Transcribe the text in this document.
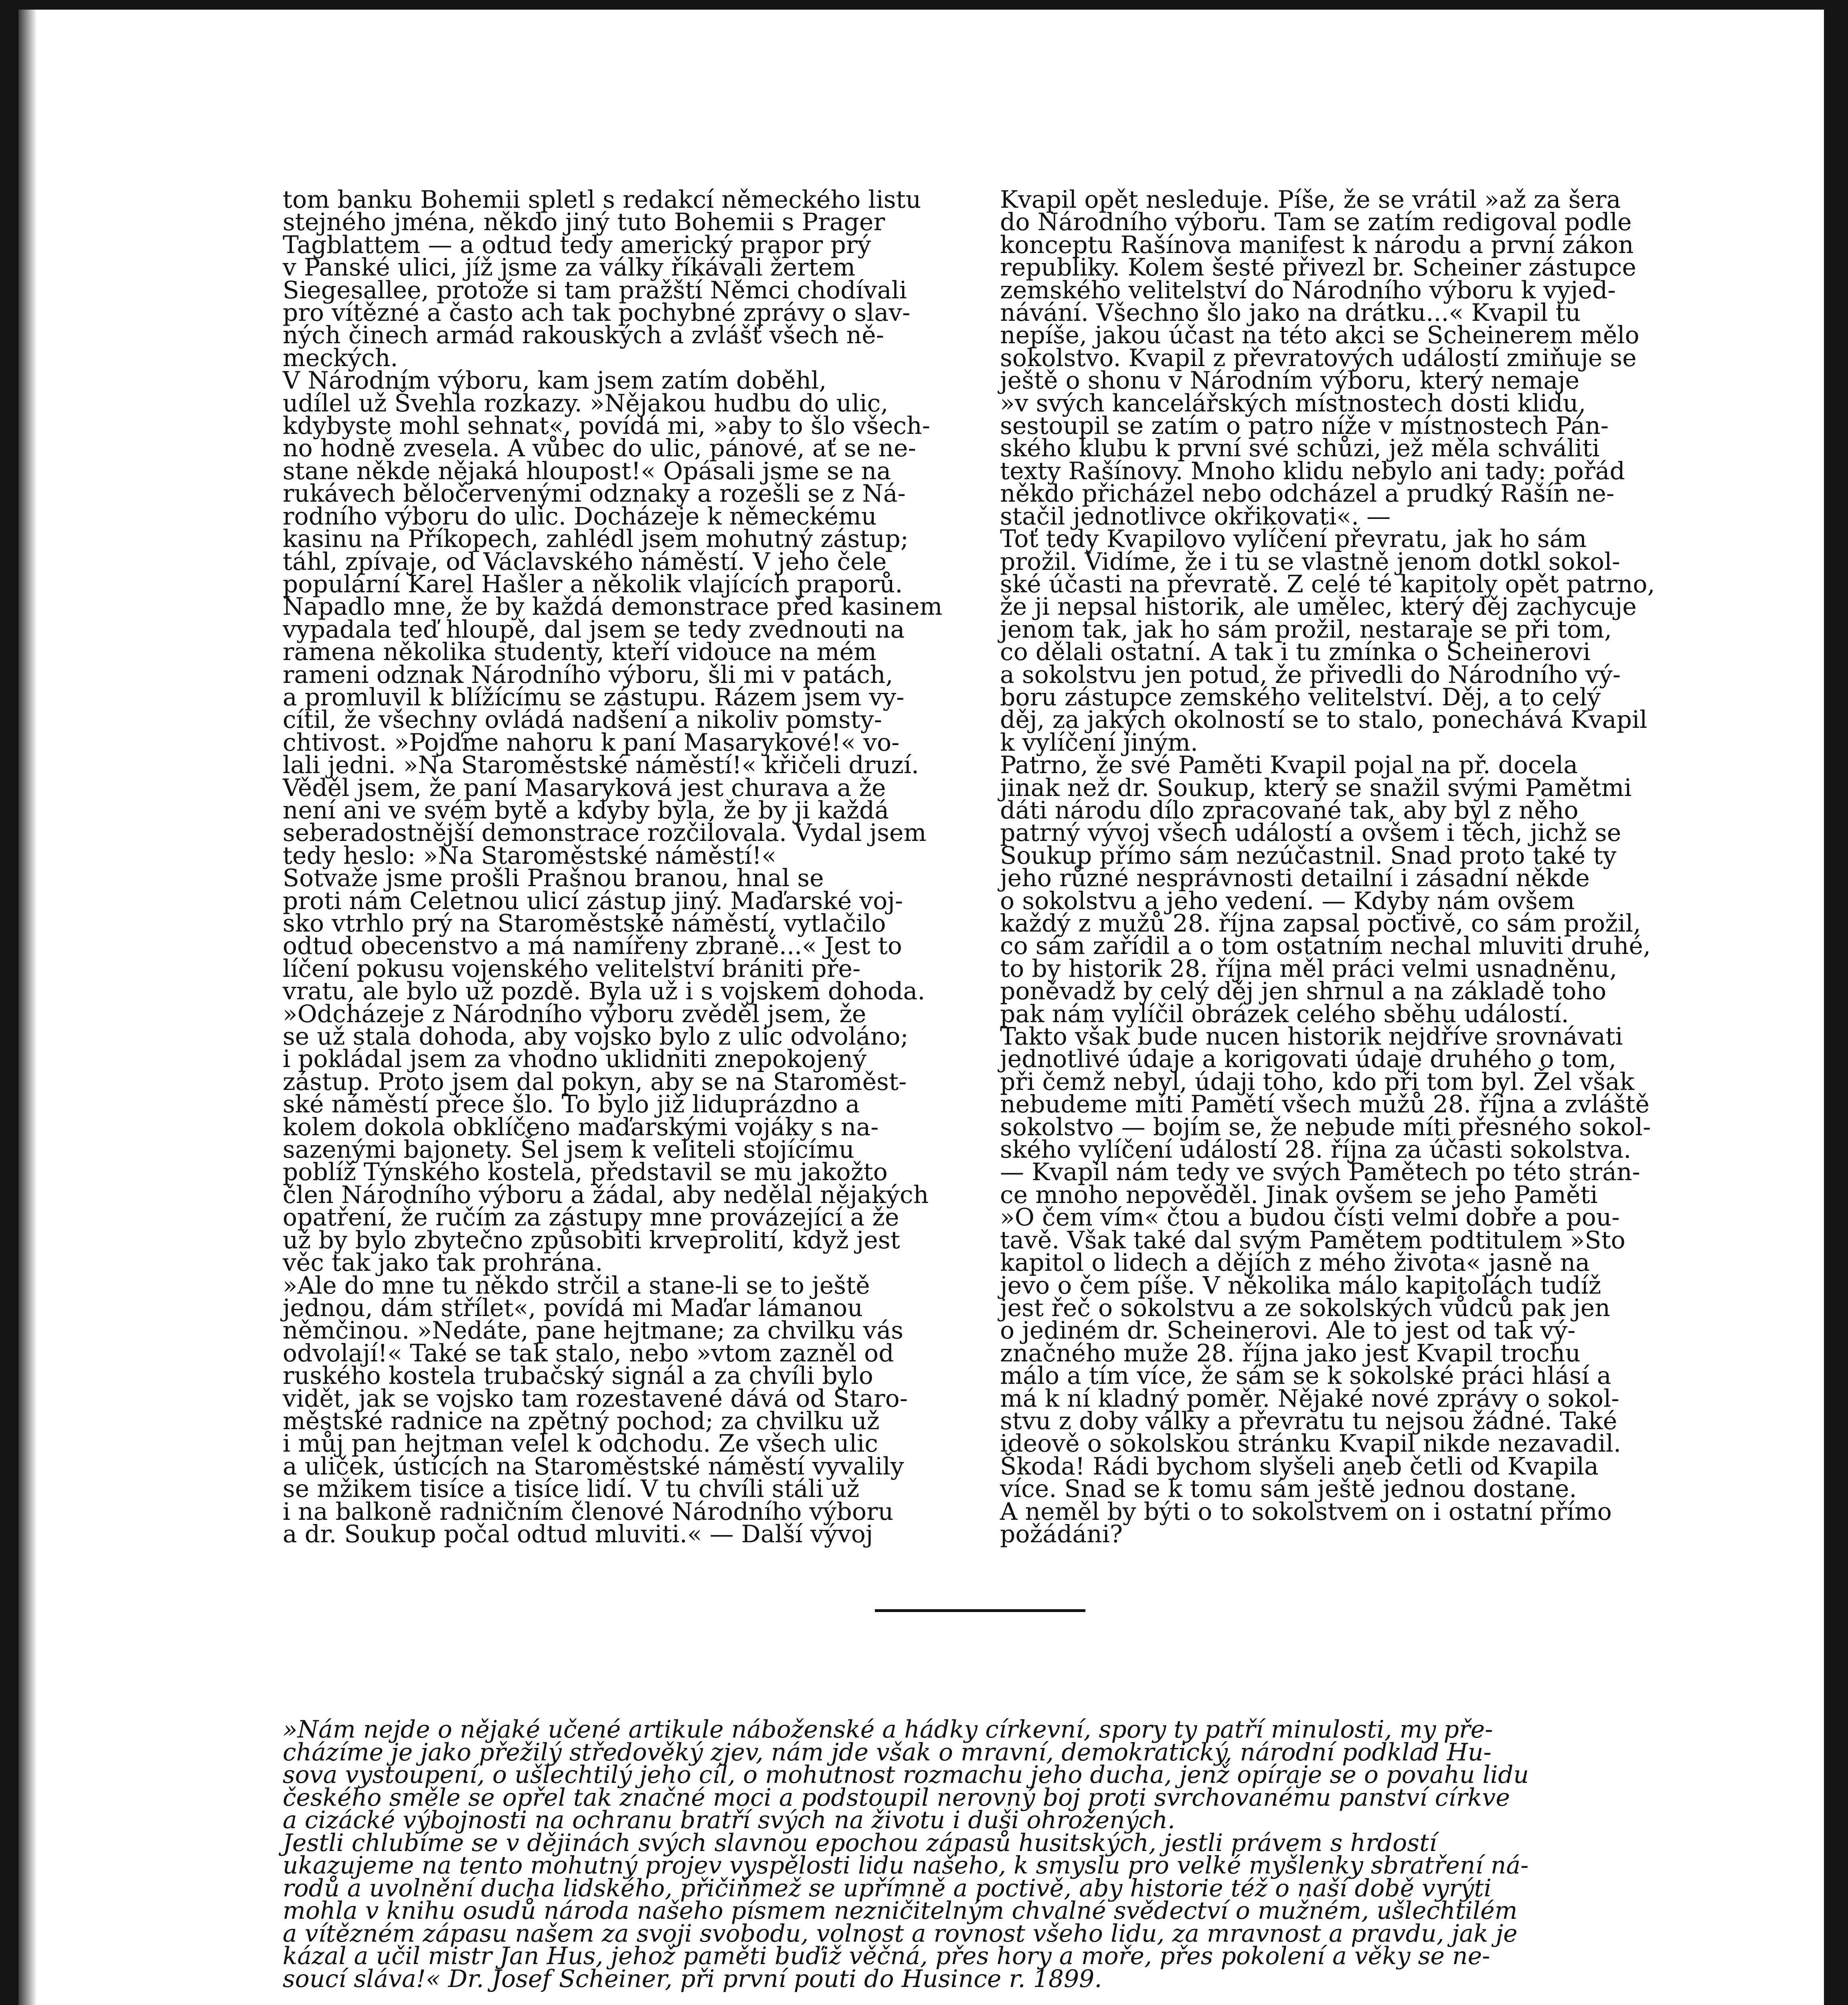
tom banku Bohemii spletl s redakcí německého listu
stejného jména, někdo jiný tuto Bohemii s Prager
Tagblattem — a odtud tedy americký prapor prý
v Panské ulici, jíž jsme za války říkávali žertem
Siegesallee, protože si tam pražští Němci chodívali
pro vítězné a často ach tak pochybné zprávy o slav-
ných činech armád rakouských a zvlášť všech ně-
meckých.
V Národním výboru, kam jsem zatím doběhl,
udílel už Švehla rozkazy. »Nějakou hudbu do ulic,
kdybyste mohl sehnat«, povídá mi, »aby to šlo všech-
no hodně zvesela. A vůbec do ulic, pánové, ať se ne-
stane někde nějaká hloupost!« Opásali jsme se na
rukávech běločervenými odznaky a rozešli se z Ná-
rodního výboru do ulic. Docházeje k německému
kasinu na Příkopech, zahlédl jsem mohutný zástup;
táhl, zpívaje, od Václavského náměstí. V jeho čele
populární Karel Hašler a několik vlajících praporů.
Napadlo mne, že by každá demonstrace před kasinem
vypadala teď hloupě, dal jsem se tedy zvednouti na
ramena několika studenty, kteří vidouce na mém
rameni odznak Národního výboru, šli mi v patách,
a promluvil k blížícímu se zástupu. Rázem jsem vy-
cítil, že všechny ovládá nadšení a nikoliv pomsty-
chtivost. »Pojďme nahoru k paní Masarykové!« vo-
lali jedni. »Na Staroměstské náměstí!« křičeli druzí.
Věděl jsem, že paní Masaryková jest churava a že
není ani ve svém bytě a kdyby byla, že by ji každá
seberadostnější demonstrace rozčilovala. Vydal jsem
tedy heslo: »Na Staroměstské náměstí!«
Sotvaže jsme prošli Prašnou branou, hnal se
proti nám Celetnou ulicí zástup jiný. Maďarské voj-
sko vtrhlo prý na Staroměstské náměstí, vytlačilo
odtud obecenstvo a má namířeny zbraně...« Jest to
líčení pokusu vojenského velitelství brániti pře-
vratu, ale bylo už pozdě. Byla už i s vojskem dohoda.
»Odcházeje z Národního výboru zvěděl jsem, že
se už stala dohoda, aby vojsko bylo z ulic odvoláno;
i pokládal jsem za vhodno uklidniti znepokojený
zástup. Proto jsem dal pokyn, aby se na Staroměst-
ské náměstí přece šlo. To bylo již liduprázdno a
kolem dokola obklíčeno maďarskými vojáky s na-
sazenými bajonety. Šel jsem k veliteli stojícímu
poblíž Týnského kostela, představil se mu jakožto
člen Národního výboru a žádal, aby nedělal nějakých
opatření, že ručím za zástupy mne provázející a že
už by bylo zbytečno způsobiti krveprolití, když jest
věc tak jako tak prohrána.
»Ale do mne tu někdo strčil a stane-li se to ještě
jednou, dám střílet«, povídá mi Maďar lámanou
němčinou. »Nedáte, pane hejtmane; za chvilku vás
odvolají!« Také se tak stalo, nebo »vtom zazněl od
ruského kostela trubačský signál a za chvíli bylo
vidět, jak se vojsko tam rozestavené dává od Staro-
městské radnice na zpětný pochod; za chvilku už
i můj pan hejtman velel k odchodu. Ze všech ulic
a uliček, ústících na Staroměstské náměstí vyvalily
se mžikem tisíce a tisíce lidí. V tu chvíli stáli už
i na balkoně radničním členové Národního výboru
a dr. Soukup počal odtud mluviti.« — Další vývoj
Kvapil opět nesleduje. Píše, že se vrátil »až za šera
do Národního výboru. Tam se zatím redigoval podle
konceptu Rašínova manifest k národu a první zákon
republiky. Kolem šesté přivezl br. Scheiner zástupce
zemského velitelství do Národního výboru k vyjed-
návání. Všechno šlo jako na drátku...« Kvapil tu
nepíše, jakou účast na této akci se Scheinerem mělo
sokolstvo. Kvapil z převratových událostí zmiňuje se
ještě o shonu v Národním výboru, který nemaje
»v svých kancelářských místnostech dosti klidu,
sestoupil se zatím o patro níže v místnostech Pán-
ského klubu k první své schůzi, jež měla schváliti
texty Rašínovy. Mnoho klidu nebylo ani tady: pořád
někdo přicházel nebo odcházel a prudký Rašín ne-
stačil jednotlivce okřikovati«. —
Toť tedy Kvapilovo vylíčení převratu, jak ho sám
prožil. Vidíme, že i tu se vlastně jenom dotkl sokol-
ské účasti na převratě. Z celé té kapitoly opět patrno,
že ji nepsal historik, ale umělec, který děj zachycuje
jenom tak, jak ho sám prožil, nestaraje se při tom,
co dělali ostatní. A tak i tu zmínka o Scheinerovi
a sokolstvu jen potud, že přivedli do Národního vý-
boru zástupce zemského velitelství. Děj, a to celý
děj, za jakých okolností se to stalo, ponechává Kvapil
k vylíčení jiným.
Patrno, že své Paměti Kvapil pojal na př. docela
jinak než dr. Soukup, který se snažil svými Pamětmi
dáti národu dílo zpracované tak, aby byl z něho
patrný vývoj všech událostí a ovšem i těch, jichž se
Soukup přímo sám nezúčastnil. Snad proto také ty
jeho různé nesprávnosti detailní i zásadní někde
o sokolstvu a jeho vedení. — Kdyby nám ovšem
každý z mužů 28. října zapsal poctivě, co sám prožil,
co sám zařídil a o tom ostatním nechal mluviti druhé,
to by historik 28. října měl práci velmi usnadněnu,
poněvadž by celý děj jen shrnul a na základě toho
pak nám vylíčil obrázek celého sběhu událostí.
Takto však bude nucen historik nejdříve srovnávati
jednotlivé údaje a korigovati údaje druhého o tom,
při čemž nebyl, údaji toho, kdo při tom byl. Žel však
nebudeme míti Pamětí všech mužů 28. října a zvláště
sokolstvo — bojím se, že nebude míti přesného sokol-
ského vylíčení událostí 28. října za účasti sokolstva.
— Kvapil nám tedy ve svých Pamětech po této strán-
ce mnoho nepověděl. Jinak ovšem se jeho Paměti
»O čem vím« čtou a budou čísti velmi dobře a pou-
tavě. Však také dal svým Pamětem podtitulem »Sto
kapitol o lidech a dějích z mého života« jasně na
jevo o čem píše. V několika málo kapitolách tudíž
jest řeč o sokolstvu a ze sokolských vůdců pak jen
o jediném dr. Scheinerovi. Ale to jest od tak vý-
značného muže 28. října jako jest Kvapil trochu
málo a tím více, že sám se k sokolské práci hlásí a
má k ní kladný poměr. Nějaké nové zprávy o sokol-
stvu z doby války a převratu tu nejsou žádné. Také
ideově o sokolskou stránku Kvapil nikde nezavadil.
Škoda! Rádi bychom slyšeli aneb četli od Kvapila
více. Snad se k tomu sám ještě jednou dostane.
A neměl by býti o to sokolstvem on i ostatní přímo
požádáni?
»Nám nejde o nějaké učené artikule náboženské a hádky církevní, spory ty patří minulosti, my pře-
cházíme je jako přežilý středověký zjev, nám jde však o mravní, demokratický, národní podklad Hu-
sova vystoupení, o ušlechtilý jeho cíl, o mohutnost rozmachu jeho ducha, jenž opíraje se o povahu lidu
českého směle se opřel tak značné moci a podstoupil nerovný boj proti svrchovanému panství církve
a cizácké výbojnosti na ochranu bratří svých na životu i duši ohrožených.
Jestli chlubíme se v dějinách svých slavnou epochou zápasů husitských, jestli právem s hrdostí
ukazujeme na tento mohutný projev vyspělosti lidu našeho, k smyslu pro velké myšlenky sbratření ná-
rodů a uvolnění ducha lidského, přičiňmež se upřímně a poctivě, aby historie též o naší době vyrýti
mohla v knihu osudů národa našeho písmem nezničitelným chvalné svědectví o mužném, ušlechtilém
a vítězném zápasu našem za svoji svobodu, volnost a rovnost všeho lidu, za mravnost a pravdu, jak je
kázal a učil mistr Jan Hus, jehož paměti buďiž věčná, přes hory a moře, přes pokolení a věky se ne-
soucí sláva!« Dr. Josef Scheiner, při první pouti do Husince r. 1899.
